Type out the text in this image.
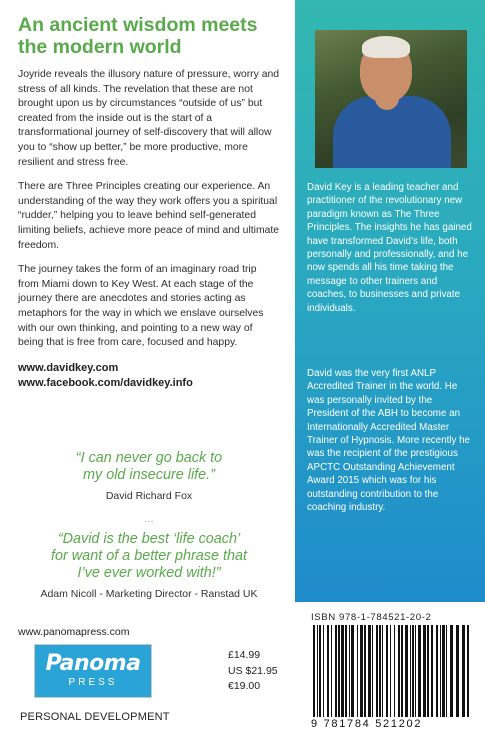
An ancient wisdom meets
the modern world

Joyride reveals the illusory nature of pressure, worry and stress of all kinds. The revelation that these are not brought upon us by circumstances “outside of us” but created from the inside out is the start of a transformational journey of self-discovery that will allow you to “show up better,” be more productive, more resilient and stress free.

There are Three Principles creating our experience. An understanding of the way they work offers you a spiritual “rudder,” helping you to leave behind self-generated limiting beliefs, achieve more peace of mind and ultimate freedom.

The journey takes the form of an imaginary road trip from Miami down to Key West. At each stage of the journey there are anecdotes and stories acting as metaphors for the way in which we enslave ourselves with our own thinking, and pointing to a new way of being that is free from care, focused and happy.

www.davidkey.com
www.facebook.com/davidkey.info

“I can never go back to
my old insecure life.”

David Richard Fox

…

“David is the best ‘life coach’
for want of a better phrase that
I’ve ever worked with!”

Adam Nicoll - Marketing Director - Ranstad UK

David Key is a leading teacher and practitioner of the revolutionary new paradigm known as The Three Principles. The insights he has gained have transformed David’s life, both personally and professionally, and he now spends all his time taking the message to other trainers and coaches, to businesses and private individuals.

David was the very first ANLP Accredited Trainer in the world. He was personally invited by the President of the ABH to become an Internationally Accredited Master Trainer of Hypnosis. More recently he was the recipient of the prestigious APCTC Outstanding Achievement Award 2015 which was for his outstanding contribution to the coaching industry.

ISBN 978-1-784521-20-2

9 781784 521202
www.panomapress.com
Panoma
PRESS
£14.99
US $21.95
€19.00
PERSONAL DEVELOPMENT
